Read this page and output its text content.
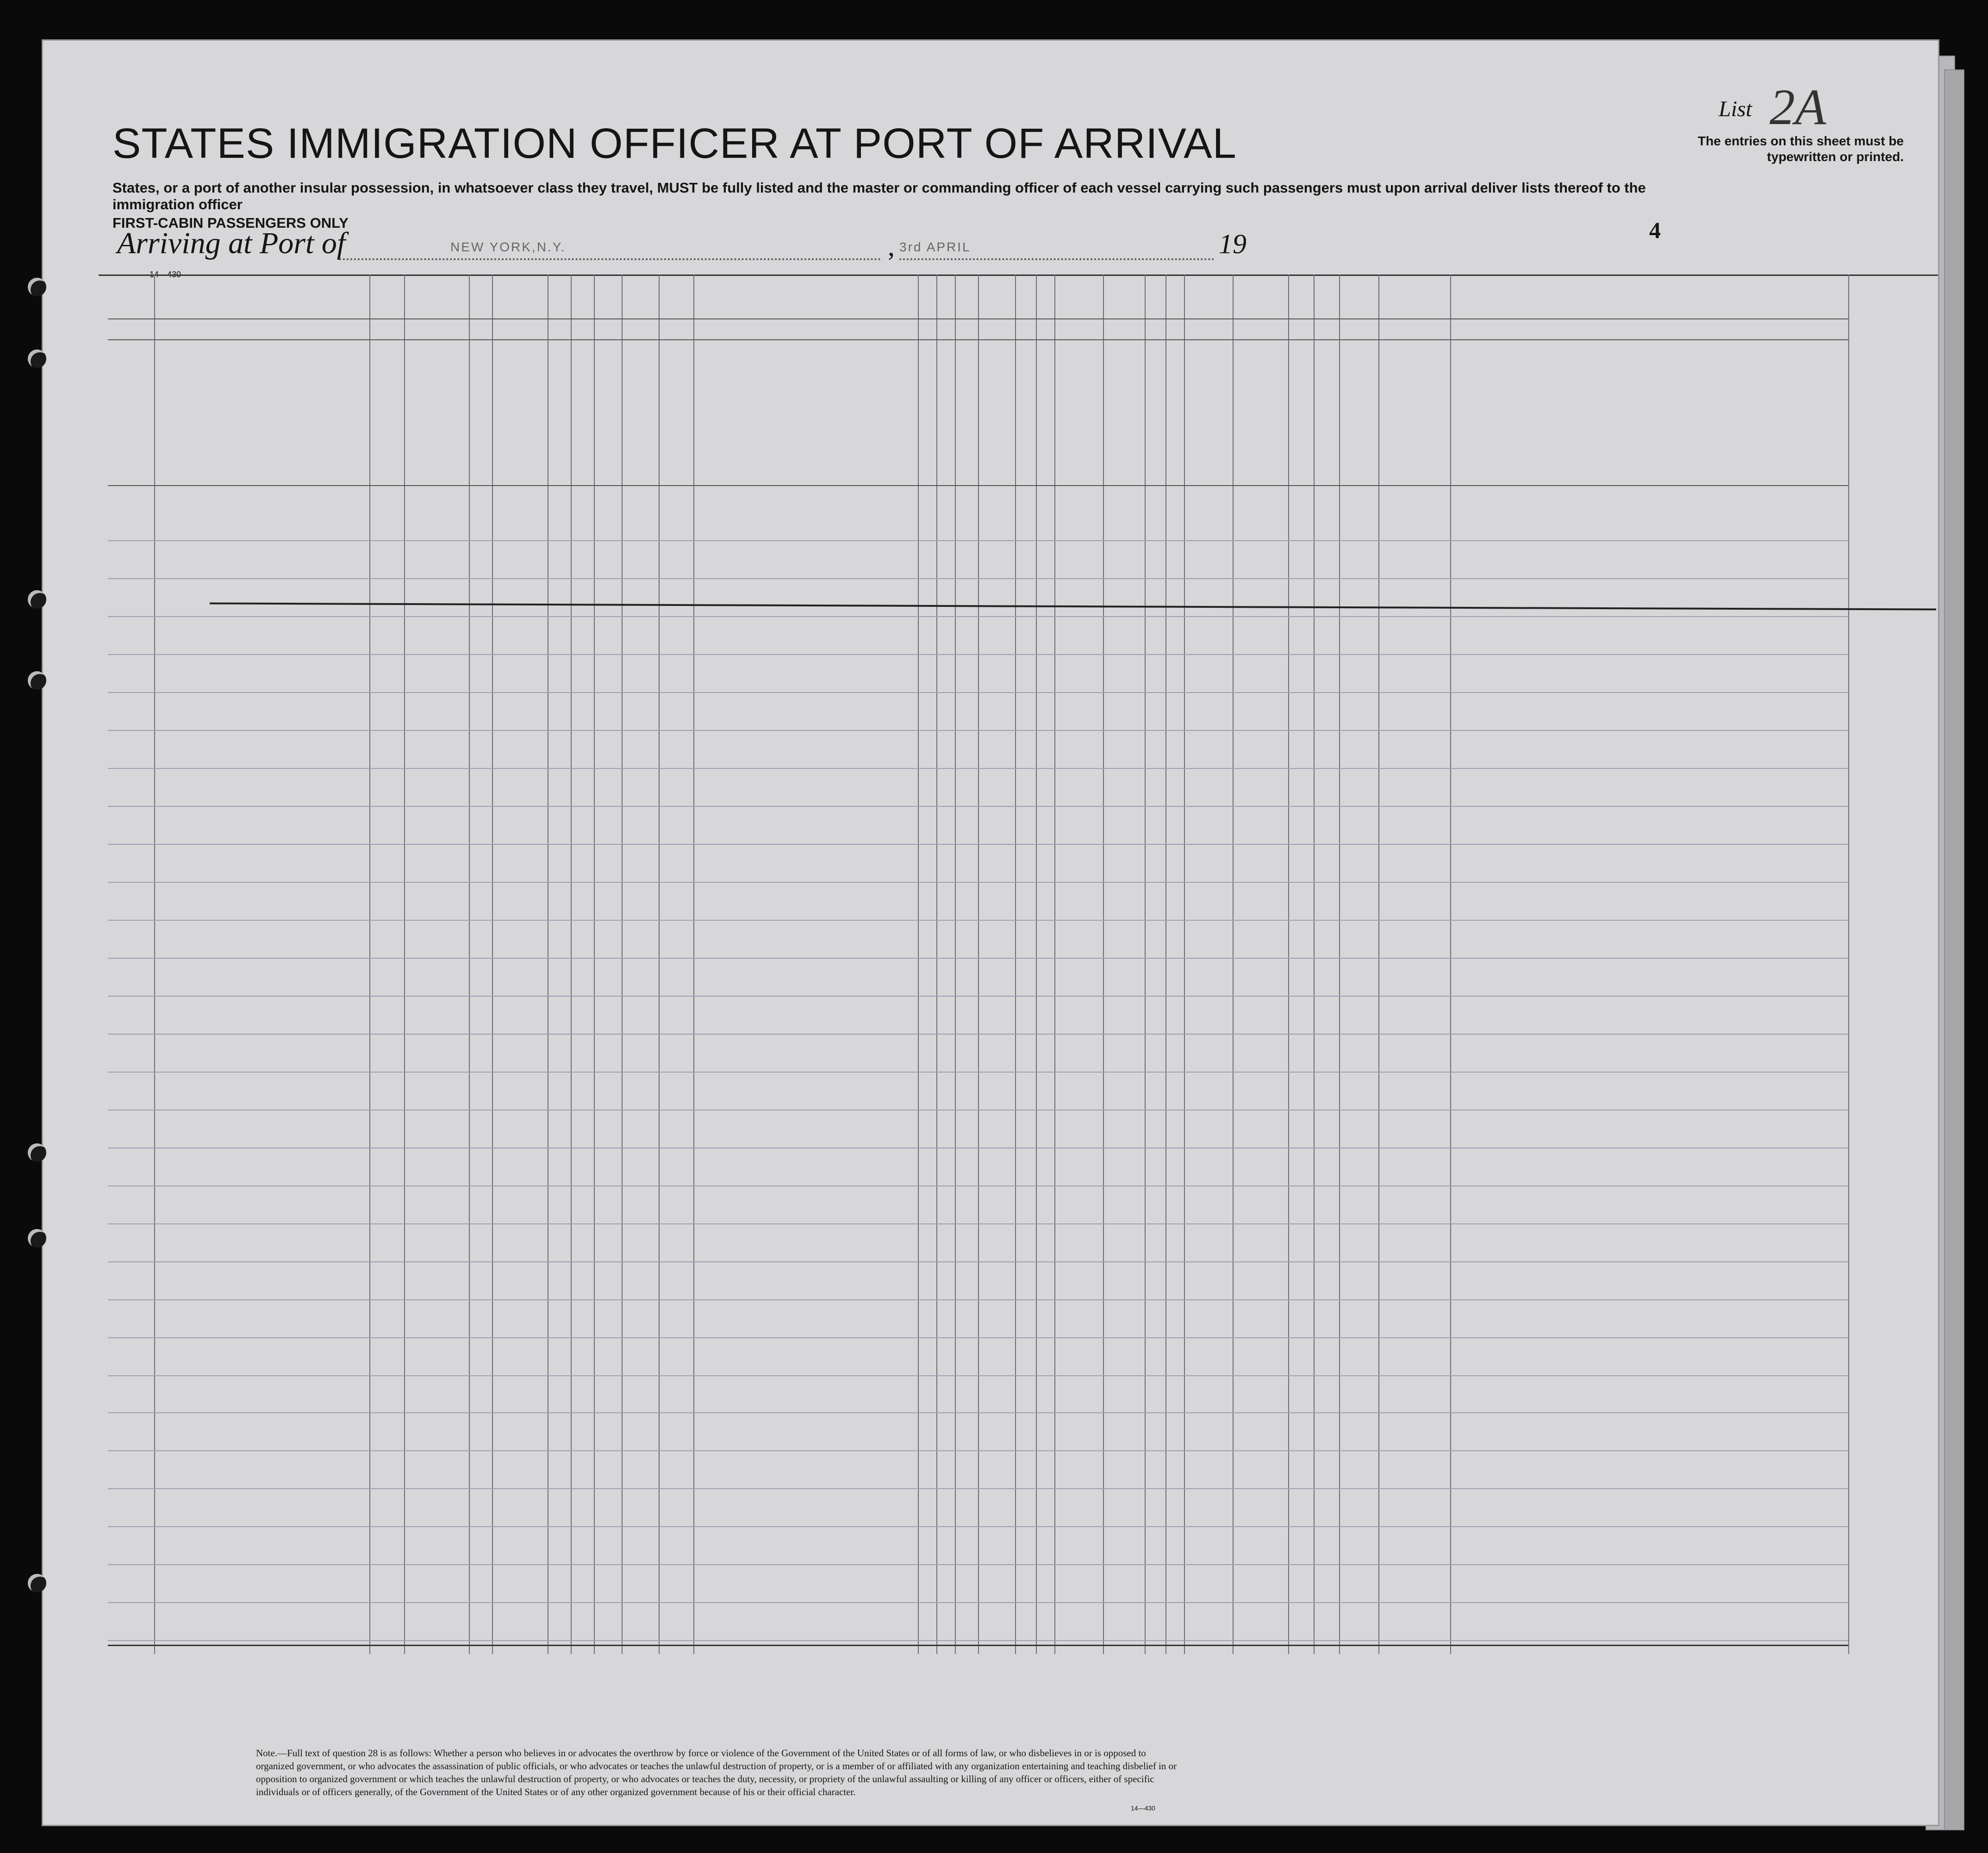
List 2A
STATES IMMIGRATION OFFICER AT PORT OF ARRIVAL	The entries on this sheet must be typewritten or printed.
States, or a port of another insular possession, in whatsoever class they travel, MUST be fully listed and the master or commanding officer of each vessel carrying such passengers must upon arrival deliver lists thereof to the immigration officer
FIRST-CABIN PASSENGERS ONLY
Arriving at Port of	NEW YORK,N.Y.	3rd APRIL
,	19	4
Note.—Full text of question 28 is as follows: Whether a person who believes in or advocates the overthrow by force or violence of the Government of the United States or of all forms of law, or who disbelieves in or is opposed to organized government, or who advocates the assassination of public officials, or who advocates or teaches the unlawful destruction of property, or is a member of or affiliated with any organization entertaining and teaching disbelief in or opposition to organized government or which teaches the unlawful destruction of property, or who advocates or teaches the duty, necessity, or propriety of the unlawful assaulting or killing of any officer or officers, either of specific individuals or of officers generally, of the Government of the United States or of any other organized government because of his or their official character.
14—430
